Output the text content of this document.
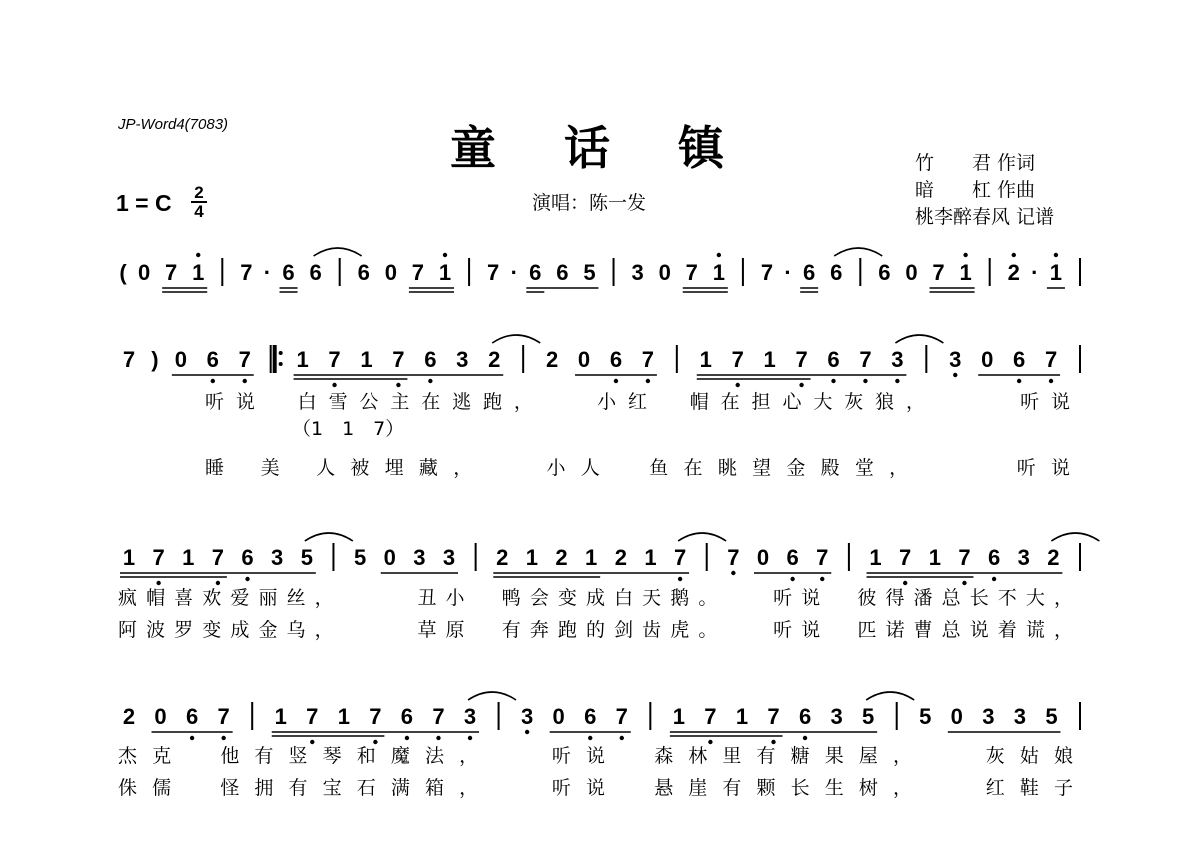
JP-Word4(7083)	童 话 镇
演唱：陈一发
竹　　君 作词
暗　　杠 作曲
桃李醉春风 记谱
1 = C	2
4
( 0 7 1 7 · 6 6 6 0 7 1 7 · 6 6 5 3 0 7 1 7 · 6 6 6 0 7 1 2 · 1
7 ) 0 6 7 1 7 1 7 6 3 2 2 0 6 7 1 7 1 7 6 7 3 3 0 6 7
听说　白雪公主在逃跑，　　小红　帽在担心大灰狼，　　　听说
睡 美 人被埋藏，　　小人　鱼在眺望金殿堂，　　　听说
（1　1　7）
1 7 1 7 6 3 5 5 0 3 3 2 1 2 1 2 1 7 7 0 6 7 1 7 1 7 6 3 2
疯帽喜欢爱丽丝，　　　丑小　鸭会变成白天鹅。　　听说　彼得潘总长不大，
阿波罗变成金乌，　　　草原　有奔跑的剑齿虎。　　听说　匹诺曹总说着谎，
2 0 6 7 1 7 1 7 6 7 3 3 0 6 7 1 7 1 7 6 3 5 5 0 3 3 5
杰克　他有竖琴和魔法，　　听说　森林里有糖果屋，　　灰姑娘
侏儒　怪拥有宝石满箱，　　听说　悬崖有颗长生树，　　红鞋子
